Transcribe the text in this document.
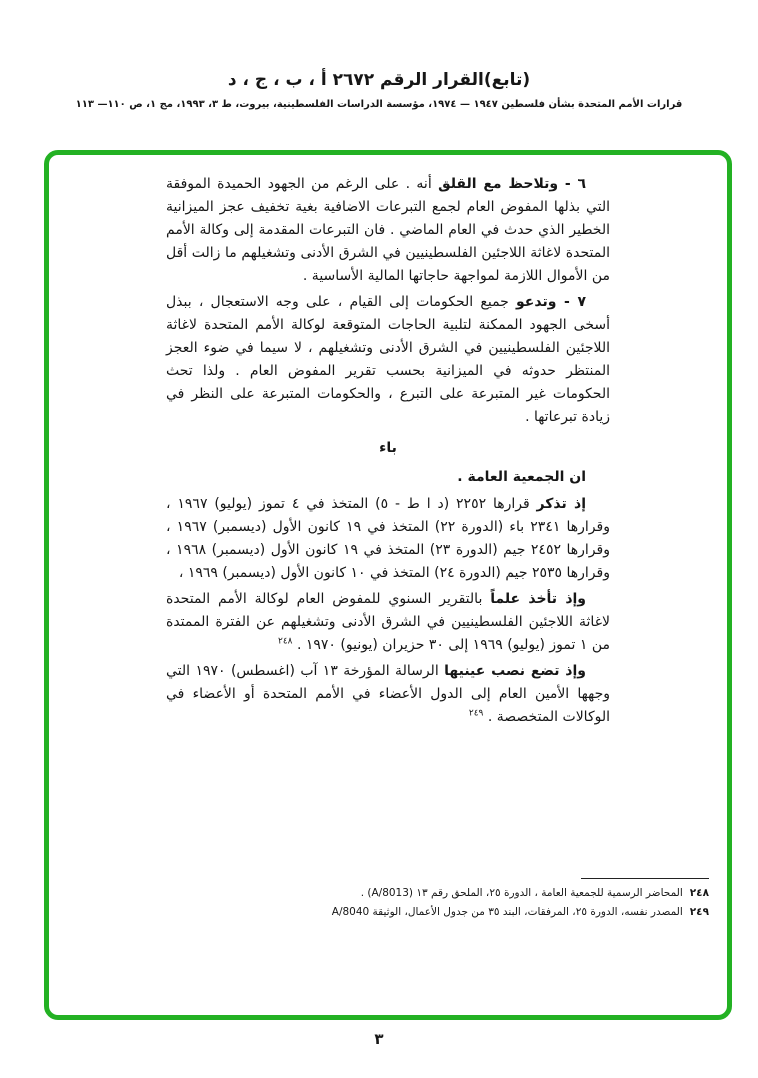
(تابع)القرار الرقم ٢٦٧٢ أ ، ب ، ج ، د
قرارات الأمم المتحدة بشأن فلسطين ١٩٤٧ — ١٩٧٤، مؤسسة الدراسات الفلسطينية، بيروت، ط ٣، ١٩٩٣، مج ١، ص ١١٠— ١١٣

٦ - وتلاحظ مع القلق أنه . على الرغم من الجهود الحميدة الموفقة التي بذلها المفوض العام لجمع التبرعات الاضافية بغية تخفيف عجز الميزانية الخطير الذي حدث في العام الماضي . فان التبرعات المقدمة إلى وكالة الأمم المتحدة لاغاثة اللاجئين الفلسطينيين في الشرق الأدنى وتشغيلهم ما زالت أقل من الأموال اللازمة لمواجهة حاجاتها المالية الأساسية .

٧ - وتدعو جميع الحكومات إلى القيام ، على وجه الاستعجال ، ببذل أسخى الجهود الممكنة لتلبية الحاجات المتوقعة لوكالة الأمم المتحدة لاغاثة اللاجئين الفلسطينيين في الشرق الأدنى وتشغيلهم ، لا سيما في ضوء العجز المنتظر حدوثه في الميزانية بحسب تقرير المفوض العام . ولذا تحث الحكومات غير المتبرعة على التبرع ، والحكومات المتبرعة على النظر في زيادة تبرعاتها .

باء

ان الجمعية العامة .

إذ تذكر قرارها ٢٢٥٢ (د ا ط - ٥) المتخذ في ٤ تموز (يوليو) ١٩٦٧ ، وقرارها ٢٣٤١ باء (الدورة ٢٢) المتخذ في ١٩ كانون الأول (ديسمبر) ١٩٦٧ ، وقرارها ٢٤٥٢ جيم (الدورة ٢٣) المتخذ في ١٩ كانون الأول (ديسمبر) ١٩٦٨ ، وقرارها ٢٥٣٥ جيم (الدورة ٢٤) المتخذ في ١٠ كانون الأول (ديسمبر) ١٩٦٩ ،

وإذ تأخذ علماً بالتقرير السنوي للمفوض العام لوكالة الأمم المتحدة لاغاثة اللاجئين الفلسطينيين في الشرق الأدنى وتشغيلهم عن الفترة الممتدة من ١ تموز (يوليو) ١٩٦٩ إلى ٣٠ حزيران (يونيو) ١٩٧٠ . $^{٢٤٨}$

وإذ تضع نصب عينيها الرسالة المؤرخة ١٣ آب (اغسطس) ١٩٧٠ التي وجهها الأمين العام إلى الدول الأعضاء في الأمم المتحدة أو الأعضاء في الوكالات المتخصصة . $^{٢٤٩}$

٢٤٨المحاضر الرسمية للجمعية العامة ، الدورة ٢٥، الملحق رقم ١٣ (A/8013) .
٢٤٩المصدر نفسه، الدورة ٢٥، المرفقات، البند ٣٥ من جدول الأعمال، الوثيقة A/8040
٣
